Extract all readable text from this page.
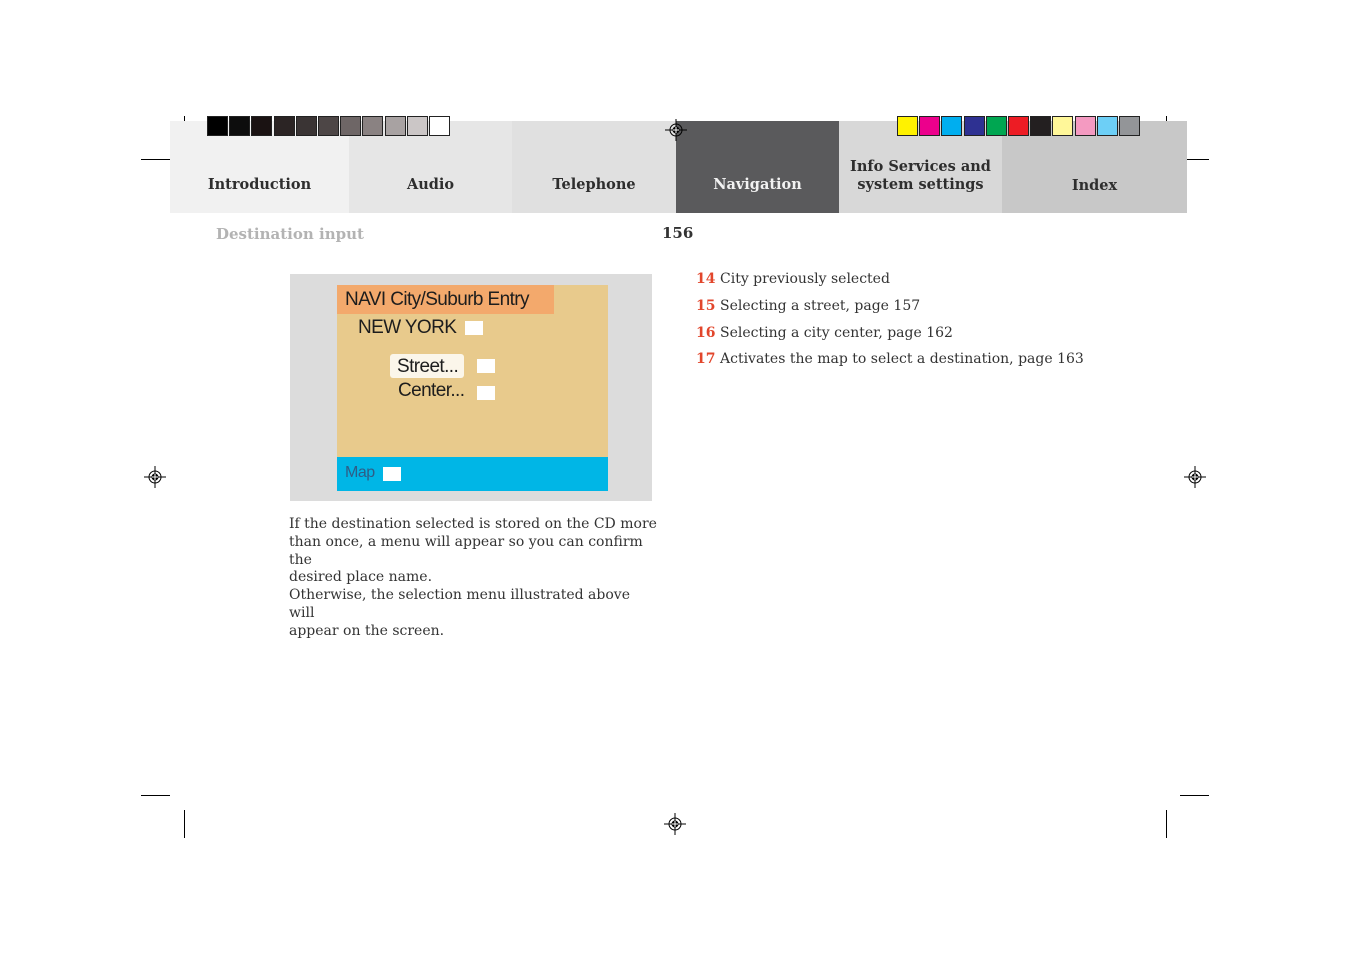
Introduction	Audio	Telephone	Navigation
Info Services and
system settings	Index
Destination input	156
NAVI City/Suburb Entry
NEW YORK
Street...
Center...
Map
If the destination selected is stored on the CD more
than once, a menu will appear so you can confirm the
desired place name.
Otherwise, the selection menu illustrated above will
appear on the screen.
14 City previously selected
15 Selecting a street, page 157
16 Selecting a city center, page 162
17 Activates the map to select a destination, page 163
